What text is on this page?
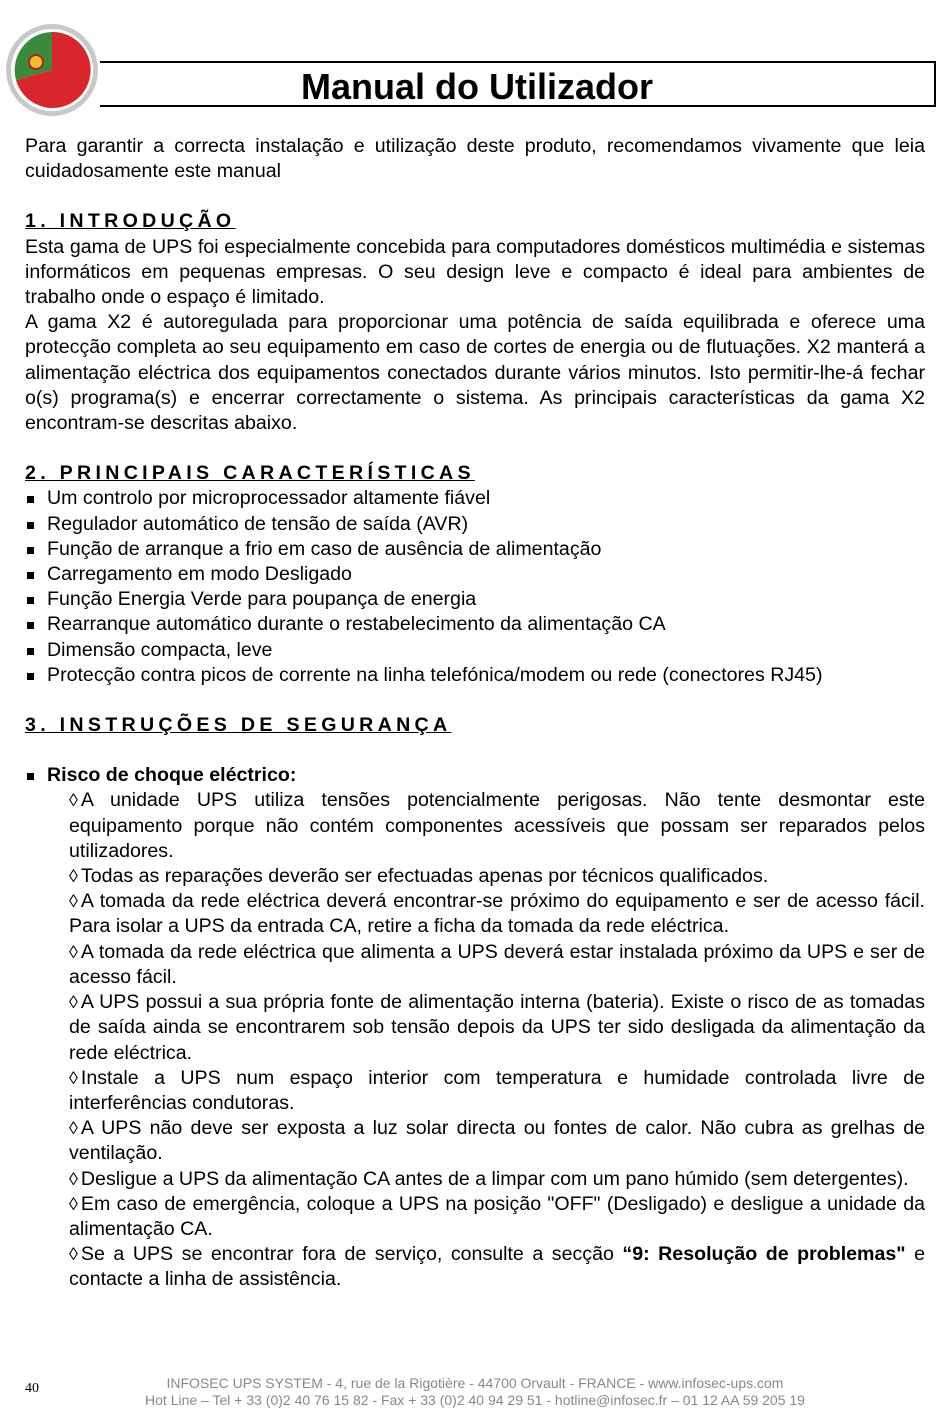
Manual do Utilizador

Para garantir a correcta instalação e utilização deste produto, recomendamos vivamente que leia cuidadosamente este manual

1. INTRODUÇÃO

Esta gama de UPS foi especialmente concebida para computadores domésticos multimédia e sistemas informáticos em pequenas empresas. O seu design leve e compacto é ideal para ambientes de trabalho onde o espaço é limitado.

A gama X2 é autoregulada para proporcionar uma potência de saída equilibrada e oferece uma protecção completa ao seu equipamento em caso de cortes de energia ou de flutuações. X2 manterá a alimentação eléctrica dos equipamentos conectados durante vários minutos. Isto permitir-lhe-á fechar o(s) programa(s) e encerrar correctamente o sistema. As principais características da gama X2 encontram-se descritas abaixo.

2. PRINCIPAIS CARACTERÍSTICAS
Um controlo por microprocessador altamente fiável
Regulador automático de tensão de saída (AVR)
Função de arranque a frio em caso de ausência de alimentação
Carregamento em modo Desligado
Função Energia Verde para poupança de energia
Rearranque automático durante o restabelecimento da alimentação CA
Dimensão compacta, leve
Protecção contra picos de corrente na linha telefónica/modem ou rede (conectores RJ45)
3. INSTRUÇÕES DE SEGURANÇA

Risco de choque eléctrico:

◊ A unidade UPS utiliza tensões potencialmente perigosas. Não tente desmontar este equipamento porque não contém componentes acessíveis que possam ser reparados pelos utilizadores.

◊ Todas as reparações deverão ser efectuadas apenas por técnicos qualificados.

◊ A tomada da rede eléctrica deverá encontrar-se próximo do equipamento e ser de acesso fácil. Para isolar a UPS da entrada CA, retire a ficha da tomada da rede eléctrica.

◊ A tomada da rede eléctrica que alimenta a UPS deverá estar instalada próximo da UPS e ser de acesso fácil.

◊ A UPS possui a sua própria fonte de alimentação interna (bateria). Existe o risco de as tomadas de saída ainda se encontrarem sob tensão depois da UPS ter sido desligada da alimentação da rede eléctrica.

◊ Instale a UPS num espaço interior com temperatura e humidade controlada livre de interferências condutoras.

◊ A UPS não deve ser exposta a luz solar directa ou fontes de calor. Não cubra as grelhas de ventilação.

◊ Desligue a UPS da alimentação CA antes de a limpar com um pano húmido (sem detergentes).

◊ Em caso de emergência, coloque a UPS na posição "OFF" (Desligado) e desligue a unidade da alimentação CA.

◊ Se a UPS se encontrar fora de serviço, consulte a secção “9: Resolução de problemas" e contacte a linha de assistência.

40	INFOSEC UPS SYSTEM - 4, rue de la Rigotière - 44700 Orvault - FRANCE - www.infosec-ups.com
Hot Line – Tel + 33 (0)2 40 76 15 82 - Fax + 33 (0)2 40 94 29 51 - hotline@infosec.fr – 01 12 AA 59 205 19
